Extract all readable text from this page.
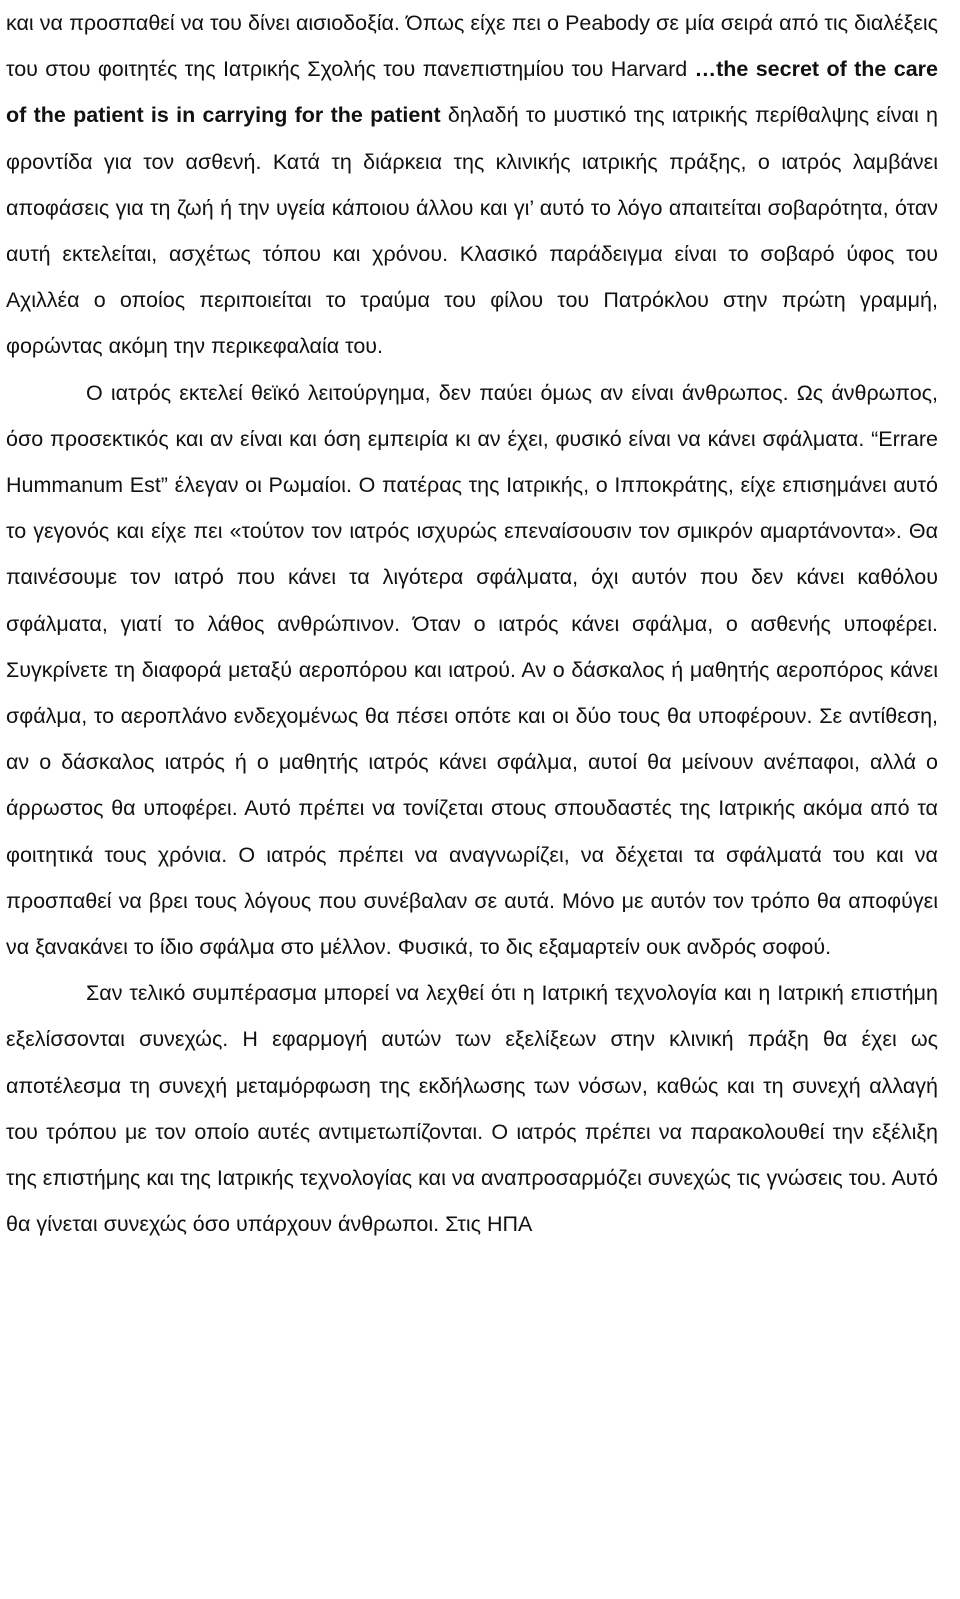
και να προσπαθεί να του δίνει αισιοδοξία. Όπως είχε πει ο Peabody σε μία σειρά από τις διαλέξεις του στου φοιτητές της Ιατρικής Σχολής του πανεπιστημίου του Harvard …the secret of the care of the patient is in carrying for the patient δηλαδή το μυστικό της ιατρικής περίθαλψης είναι η φροντίδα για τον ασθενή. Κατά τη διάρκεια της κλινικής ιατρικής πράξης, ο ιατρός λαμβάνει αποφάσεις για τη ζωή ή την υγεία κάποιου άλλου και γι’ αυτό το λόγο απαιτείται σοβαρότητα, όταν αυτή εκτελείται, ασχέτως τόπου και χρόνου. Κλασικό παράδειγμα είναι το σοβαρό ύφος του Αχιλλέα ο οποίος περιποιείται το τραύμα του φίλου του Πατρόκλου στην πρώτη γραμμή, φορώντας ακόμη την περικεφαλαία του.

Ο ιατρός εκτελεί θεϊκό λειτούργημα, δεν παύει όμως αν είναι άνθρωπος. Ως άνθρωπος, όσο προσεκτικός και αν είναι και όση εμπειρία κι αν έχει, φυσικό είναι να κάνει σφάλματα. “Errare Hummanum Est” έλεγαν οι Ρωμαίοι. Ο πατέρας της Ιατρικής, ο Ιπποκράτης, είχε επισημάνει αυτό το γεγονός και είχε πει «τούτον τον ιατρός ισχυρώς επεναίσουσιν τον σμικρόν αμαρτάνοντα». Θα παινέσουμε τον ιατρό που κάνει τα λιγότερα σφάλματα, όχι αυτόν που δεν κάνει καθόλου σφάλματα, γιατί το λάθος ανθρώπινον. Όταν ο ιατρός κάνει σφάλμα, ο ασθενής υποφέρει. Συγκρίνετε τη διαφορά μεταξύ αεροπόρου και ιατρού. Αν ο δάσκαλος ή μαθητής αεροπόρος κάνει σφάλμα, το αεροπλάνο ενδεχομένως θα πέσει οπότε και οι δύο τους θα υποφέρουν. Σε αντίθεση, αν ο δάσκαλος ιατρός ή ο μαθητής ιατρός κάνει σφάλμα, αυτοί θα μείνουν ανέπαφοι, αλλά ο άρρωστος θα υποφέρει. Αυτό πρέπει να τονίζεται στους σπουδαστές της Ιατρικής ακόμα από τα φοιτητικά τους χρόνια. Ο ιατρός πρέπει να αναγνωρίζει, να δέχεται τα σφάλματά του και να προσπαθεί να βρει τους λόγους που συνέβαλαν σε αυτά. Μόνο με αυτόν τον τρόπο θα αποφύγει να ξανακάνει το ίδιο σφάλμα στο μέλλον. Φυσικά, το δις εξαμαρτείν ουκ ανδρός σοφού.

Σαν τελικό συμπέρασμα μπορεί να λεχθεί ότι η Ιατρική τεχνολογία και η Ιατρική επιστήμη εξελίσσονται συνεχώς. Η εφαρμογή αυτών των εξελίξεων στην κλινική πράξη θα έχει ως αποτέλεσμα τη συνεχή μεταμόρφωση της εκδήλωσης των νόσων, καθώς και τη συνεχή αλλαγή του τρόπου με τον οποίο αυτές αντιμετωπίζονται. Ο ιατρός πρέπει να παρακολουθεί την εξέλιξη της επιστήμης και της Ιατρικής τεχνολογίας και να αναπροσαρμόζει συνεχώς τις γνώσεις του. Αυτό θα γίνεται συνεχώς όσο υπάρχουν άνθρωποι. Στις ΗΠΑ
